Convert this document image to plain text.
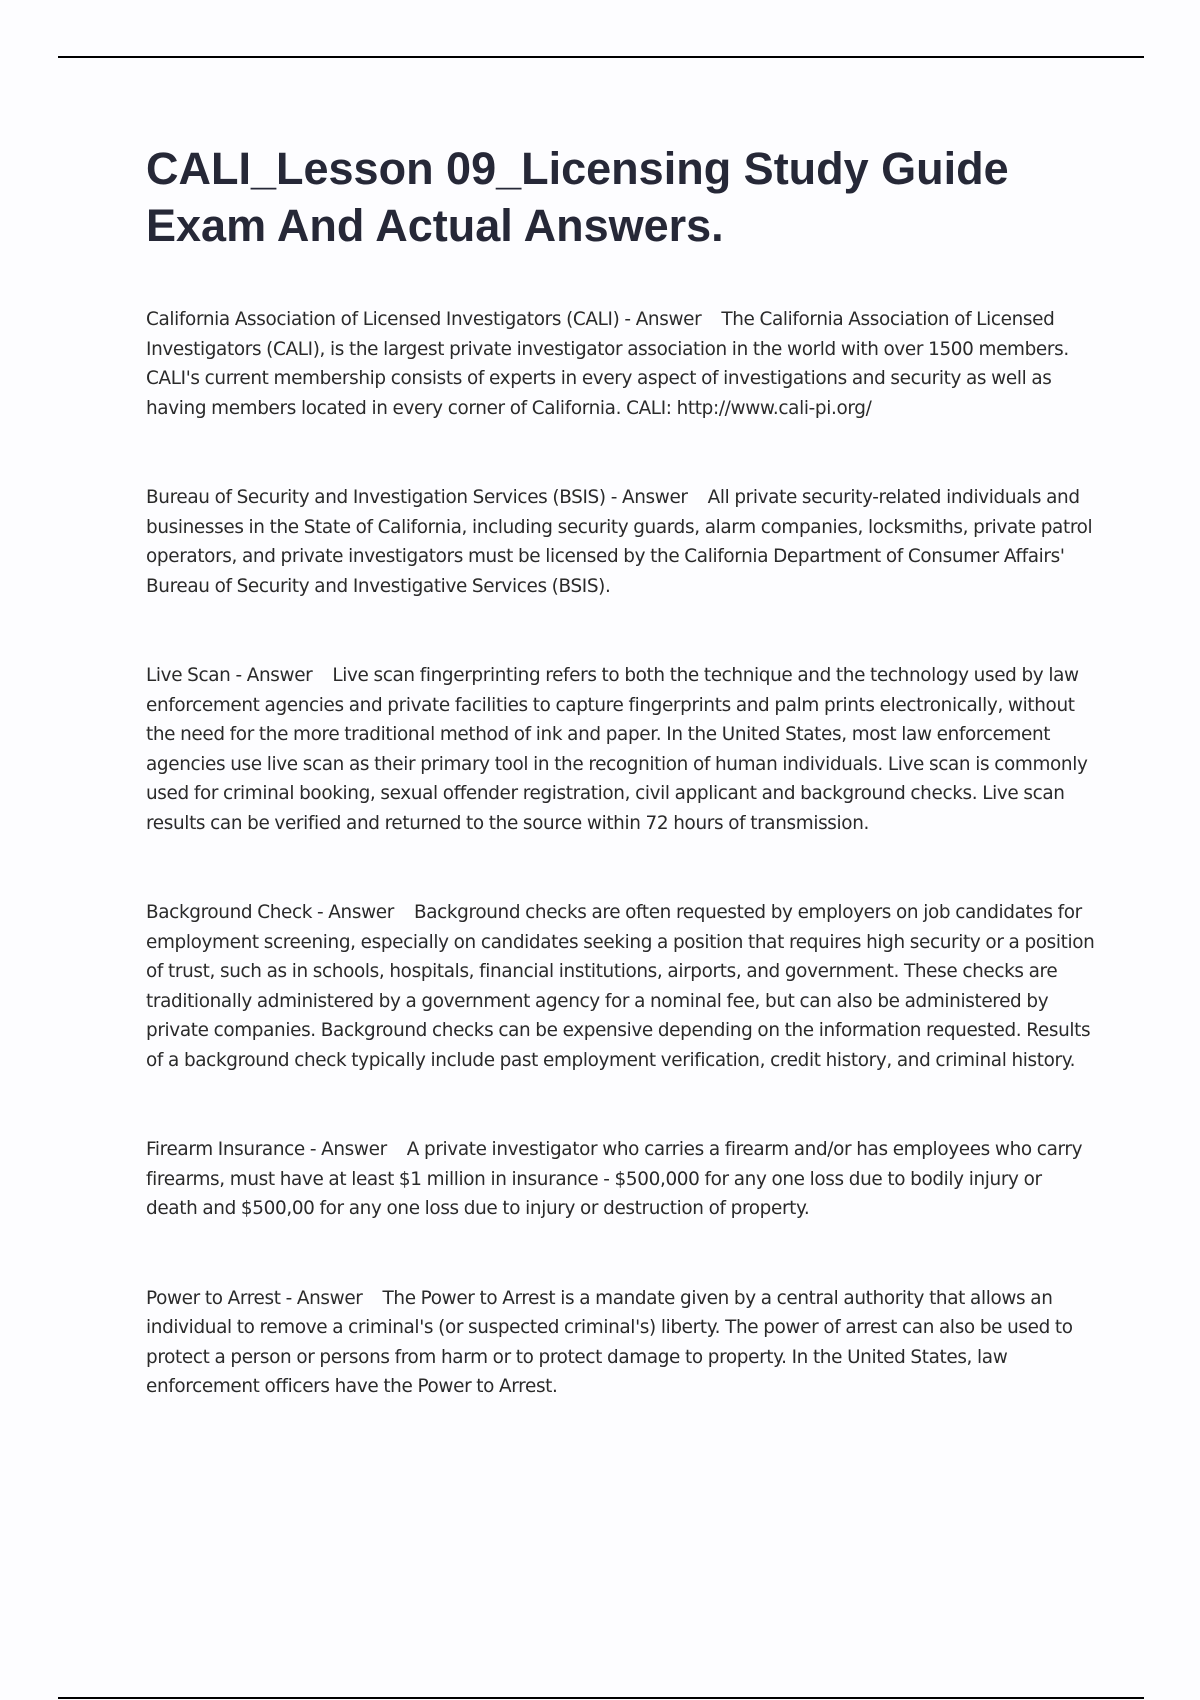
CALI_Lesson 09_Licensing Study Guide Exam And Actual Answers.

California Association of Licensed Investigators (CALI) - Answer The California Association of Licensed Investigators (CALI), is the largest private investigator association in the world with over 1500 members. CALI's current membership consists of experts in every aspect of investigations and security as well as having members located in every corner of California. CALI: http://www.cali-pi.org/

Bureau of Security and Investigation Services (BSIS) - Answer All private security-related individuals and businesses in the State of California, including security guards, alarm companies, locksmiths, private patrol operators, and private investigators must be licensed by the California Department of Consumer Affairs' Bureau of Security and Investigative Services (BSIS).

Live Scan - Answer Live scan fingerprinting refers to both the technique and the technology used by law enforcement agencies and private facilities to capture fingerprints and palm prints electronically, without the need for the more traditional method of ink and paper. In the United States, most law enforcement agencies use live scan as their primary tool in the recognition of human individuals. Live scan is commonly used for criminal booking, sexual offender registration, civil applicant and background checks. Live scan results can be verified and returned to the source within 72 hours of transmission.

Background Check - Answer Background checks are often requested by employers on job candidates for employment screening, especially on candidates seeking a position that requires high security or a position of trust, such as in schools, hospitals, financial institutions, airports, and government. These checks are traditionally administered by a government agency for a nominal fee, but can also be administered by private companies. Background checks can be expensive depending on the information requested. Results of a background check typically include past employment verification, credit history, and criminal history.

Firearm Insurance - Answer A private investigator who carries a firearm and/or has employees who carry firearms, must have at least $1 million in insurance - $500,000 for any one loss due to bodily injury or death and $500,00 for any one loss due to injury or destruction of property.

Power to Arrest - Answer The Power to Arrest is a mandate given by a central authority that allows an individual to remove a criminal's (or suspected criminal's) liberty. The power of arrest can also be used to protect a person or persons from harm or to protect damage to property. In the United States, law enforcement officers have the Power to Arrest.
